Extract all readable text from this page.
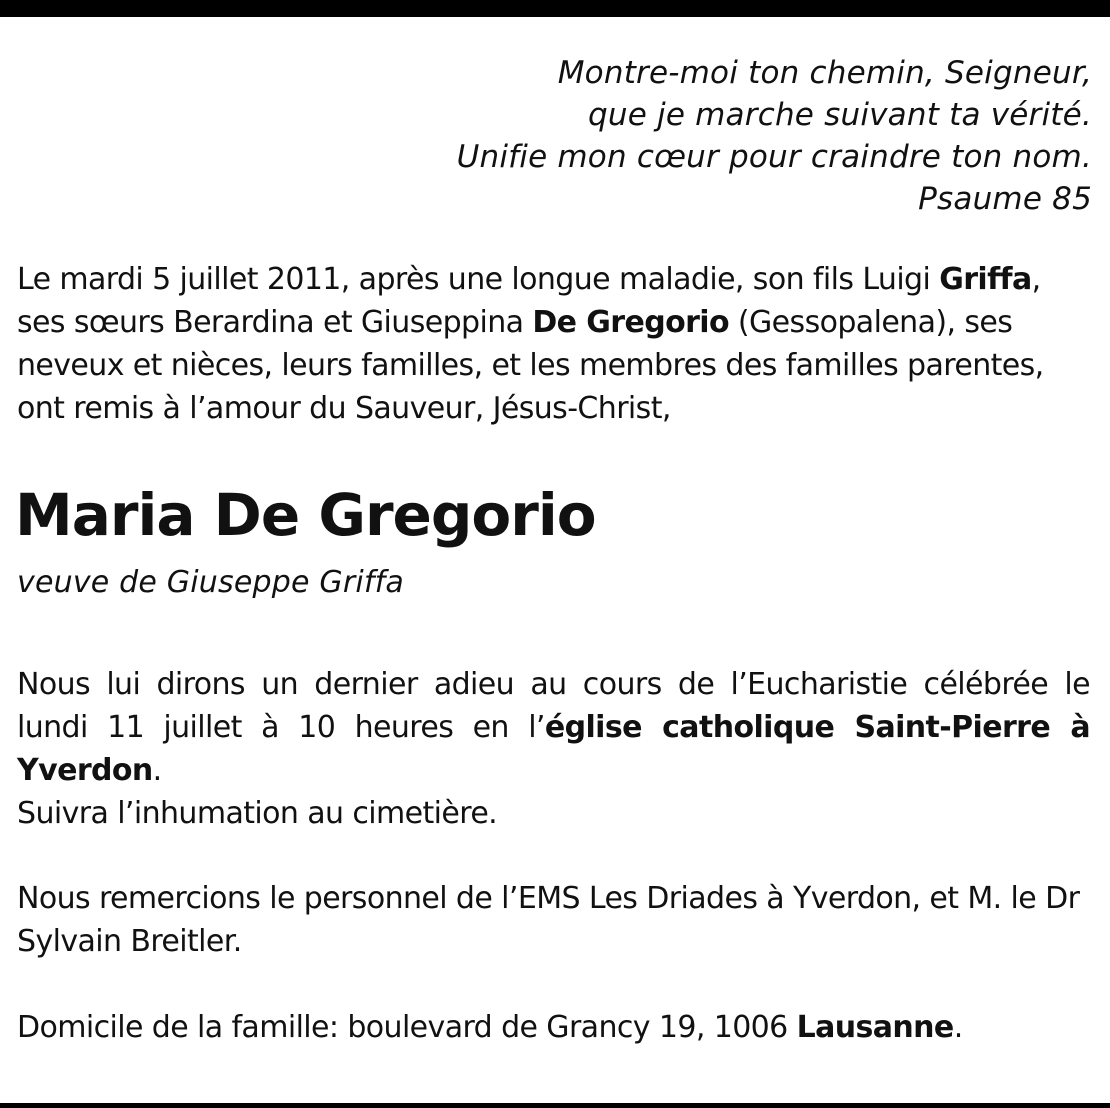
Montre-moi ton chemin, Seigneur,
que je marche suivant ta vérité.
Unifie mon cœur pour craindre ton nom.
Psaume 85
Le mardi 5 juillet 2011, après une longue maladie, son fils Luigi Griffa,
ses sœurs Berardina et Giuseppina De Gregorio (Gessopalena), ses
neveux et nièces, leurs familles, et les membres des familles parentes,
ont remis à l’amour du Sauveur, Jésus-Christ,
Maria De Gregorio
veuve de Giuseppe Griffa
Nous lui dirons un dernier adieu au cours de l’Eucharistie célébrée le
lundi 11 juillet à 10 heures en l’église catholique Saint-Pierre à
Yverdon.
Suivra l’inhumation au cimetière.
Nous remercions le personnel de l’EMS Les Driades à Yverdon, et M. le Dr
Sylvain Breitler.
Domicile de la famille: boulevard de Grancy 19, 1006 Lausanne.
